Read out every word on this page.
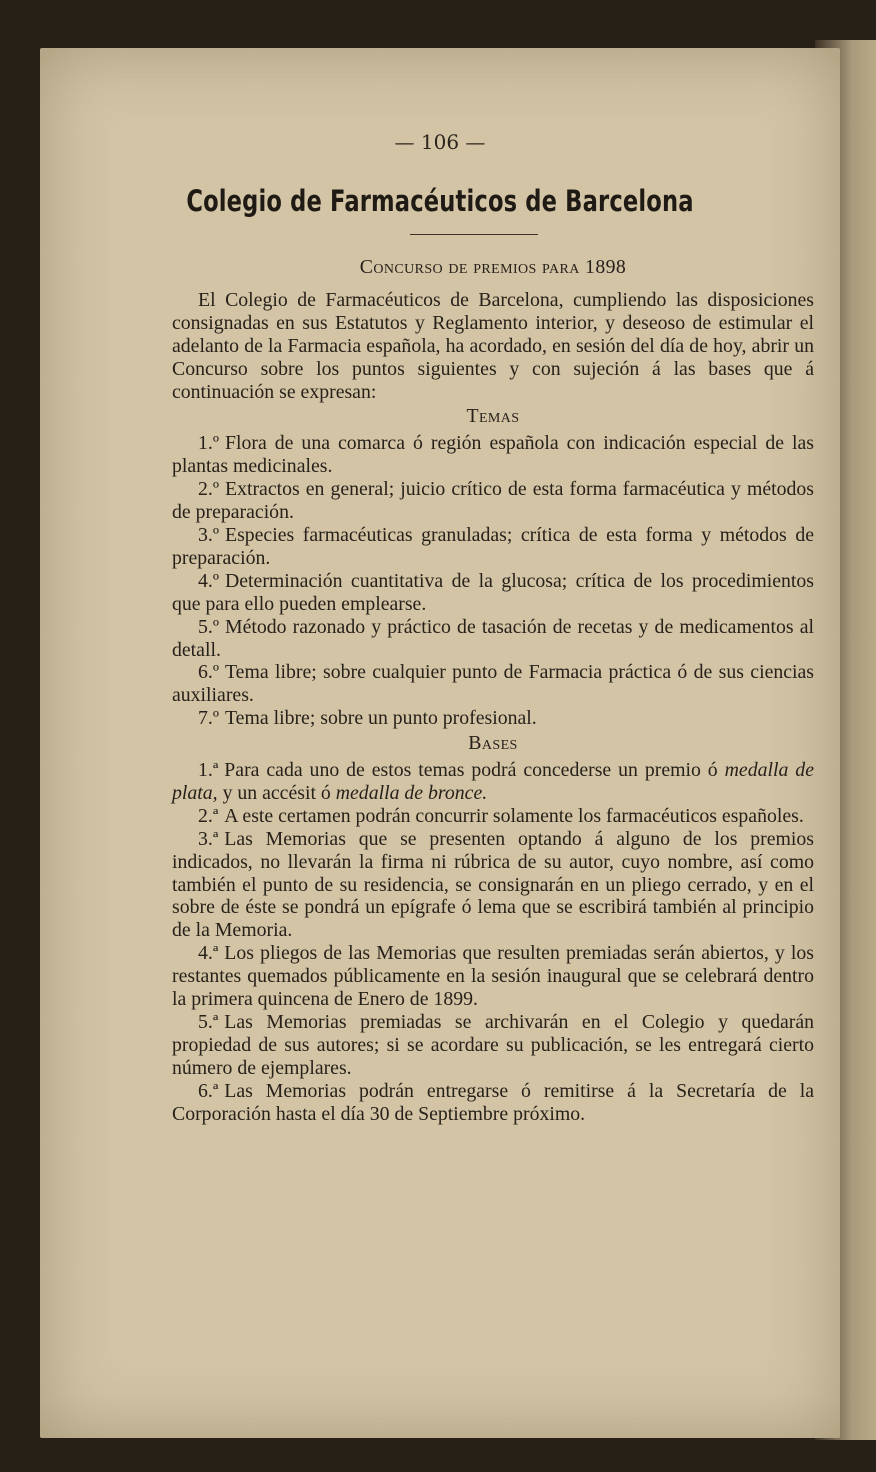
— 106 —
Colegio de Farmacéuticos de Barcelona

Concurso de premios para 1898

El Colegio de Farmacéuticos de Barcelona, cumpliendo las disposiciones consignadas en sus Estatutos y Reglamento interior, y deseoso de estimular el adelanto de la Farmacia española, ha acordado, en sesión del día de hoy, abrir un Concurso sobre los puntos siguientes y con sujeción á las bases que á continuación se expresan:

Temas

1.º Flora de una comarca ó región española con indicación especial de las plantas medicinales.

2.º Extractos en general; juicio crítico de esta forma farmacéutica y métodos de preparación.

3.º Especies farmacéuticas granuladas; crítica de esta forma y métodos de preparación.

4.º Determinación cuantitativa de la glucosa; crítica de los procedimientos que para ello pueden emplearse.

5.º Método razonado y práctico de tasación de recetas y de medicamentos al detall.

6.º Tema libre; sobre cualquier punto de Farmacia práctica ó de sus ciencias auxiliares.

7.º Tema libre; sobre un punto profesional.

Bases

1.ª Para cada uno de estos temas podrá concederse un premio ó medalla de plata, y un accésit ó medalla de bronce.

2.ª A este certamen podrán concurrir solamente los farmacéuticos españoles.

3.ª Las Memorias que se presenten optando á alguno de los premios indicados, no llevarán la firma ni rúbrica de su autor, cuyo nombre, así como también el punto de su residencia, se consignarán en un pliego cerrado, y en el sobre de éste se pondrá un epígrafe ó lema que se escribirá también al principio de la Memoria.

4.ª Los pliegos de las Memorias que resulten premiadas serán abiertos, y los restantes quemados públicamente en la sesión inaugural que se celebrará dentro la primera quincena de Enero de 1899.

5.ª Las Memorias premiadas se archivarán en el Colegio y quedarán propiedad de sus autores; si se acordare su publicación, se les entregará cierto número de ejemplares.

6.ª Las Memorias podrán entregarse ó remitirse á la Secretaría de la Corporación hasta el día 30 de Septiembre próximo.
